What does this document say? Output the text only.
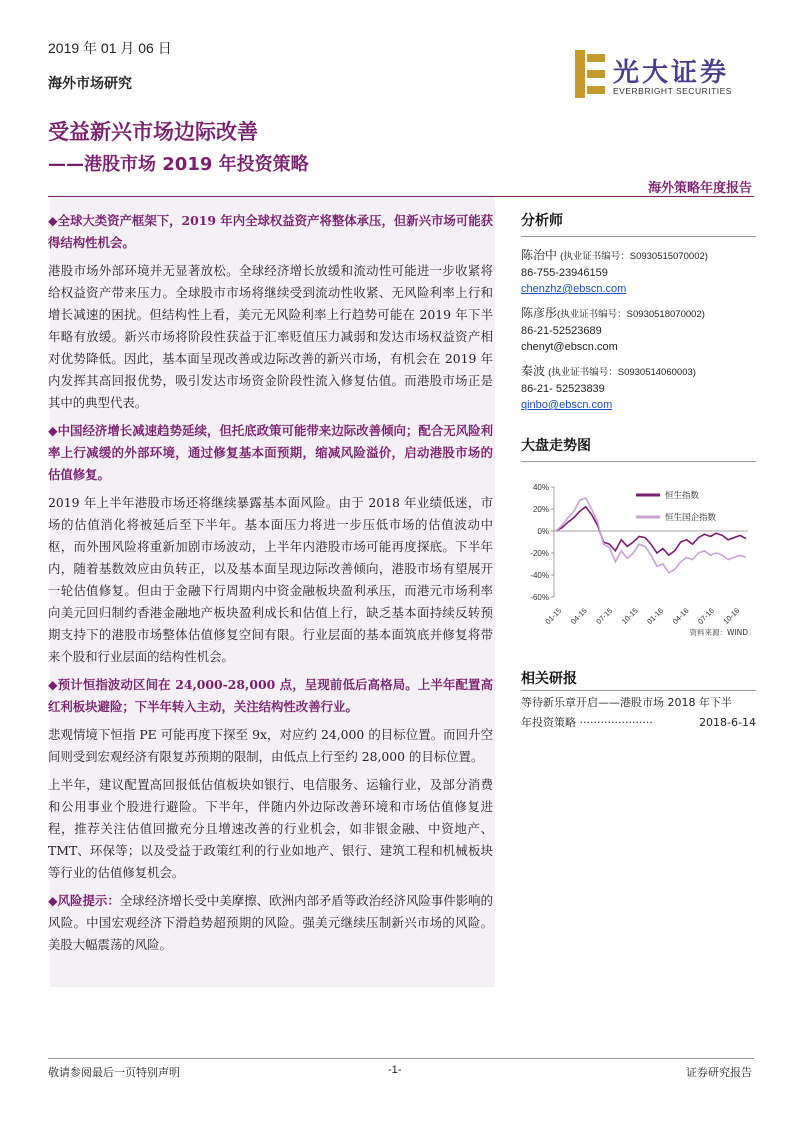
2019 年 01 月 06 日
海外市场研究
受益新兴市场边际改善
——港股市场 2019 年投资策略
光大证券
EVERBRIGHT SECURITIES
海外策略年度报告

◆全球大类资产框架下，2019 年内全球权益资产将整体承压，但新兴市场可能获得结构性机会。

港股市场外部环境并无显著放松。全球经济增长放缓和流动性可能进一步收紧将给权益资产带来压力。全球股市市场将继续受到流动性收紧、无风险利率上行和增长减速的困扰。但结构性上看，美元无风险利率上行趋势可能在 2019 年下半年略有放缓。新兴市场将阶段性获益于汇率贬值压力减弱和发达市场权益资产相对优势降低。因此，基本面呈现改善或边际改善的新兴市场，有机会在 2019 年内发挥其高回报优势，吸引发达市场资金阶段性流入修复估值。而港股市场正是其中的典型代表。

◆中国经济增长减速趋势延续，但托底政策可能带来边际改善倾向；配合无风险利率上行减缓的外部环境，通过修复基本面预期，缩减风险溢价，启动港股市场的估值修复。

2019 年上半年港股市场还将继续暴露基本面风险。由于 2018 年业绩低迷，市场的估值消化将被延后至下半年。基本面压力将进一步压低市场的估值波动中枢，而外围风险将重新加剧市场波动，上半年内港股市场可能再度探底。下半年内，随着基数效应由负转正，以及基本面呈现边际改善倾向，港股市场有望展开一轮估值修复。但由于金融下行周期内中资金融板块盈利承压，而港元市场利率向美元回归制约香港金融地产板块盈利成长和估值上行，缺乏基本面持续反转预期支持下的港股市场整体估值修复空间有限。行业层面的基本面筑底并修复将带来个股和行业层面的结构性机会。

◆预计恒指波动区间在 24,000-28,000 点，呈现前低后高格局。上半年配置高红利板块避险；下半年转入主动，关注结构性改善行业。

悲观情境下恒指 PE 可能再度下探至 9x，对应约 24,000 的目标位置。而回升空间则受到宏观经济有限复苏预期的限制，由低点上行至约 28,000 的目标位置。

上半年，建议配置高回报低估值板块如银行、电信服务、运输行业，及部分消费和公用事业个股进行避险。下半年，伴随内外边际改善环境和市场估值修复进程，推荐关注估值回撤充分且增速改善的行业机会，如非银金融、中资地产、TMT、环保等；以及受益于政策红利的行业如地产、银行、建筑工程和机械板块等行业的估值修复机会。

◆风险提示：全球经济增长受中美摩擦、欧洲内部矛盾等政治经济风险事件影响的风险。中国宏观经济下滑趋势超预期的风险。强美元继续压制新兴市场的风险。美股大幅震荡的风险。

分析师
陈治中 (执业证书编号：S0930515070002)
86-755-23946159
chenzhz@ebscn.com
陈彦彤(执业证书编号：S0930518070002)
86-21-52523689
chenyt@ebscn.com
秦波 (执业证书编号：S0930514060003)
86-21- 52523839
qinbo@ebscn.com
大盘走势图
40%
20%
0%
-20%
-40%
-60%
01-15 04-15 07-15 10-15 01-16 04-16 07-16 10-16
恒生指数
恒生国企指数
资料来源：WIND
相关研报
等待新乐章开启——港股市场 2018 年下半
年投资策略 ·····················	2018-6-14
敬请参阅最后一页特别声明	-1-	证券研究报告
